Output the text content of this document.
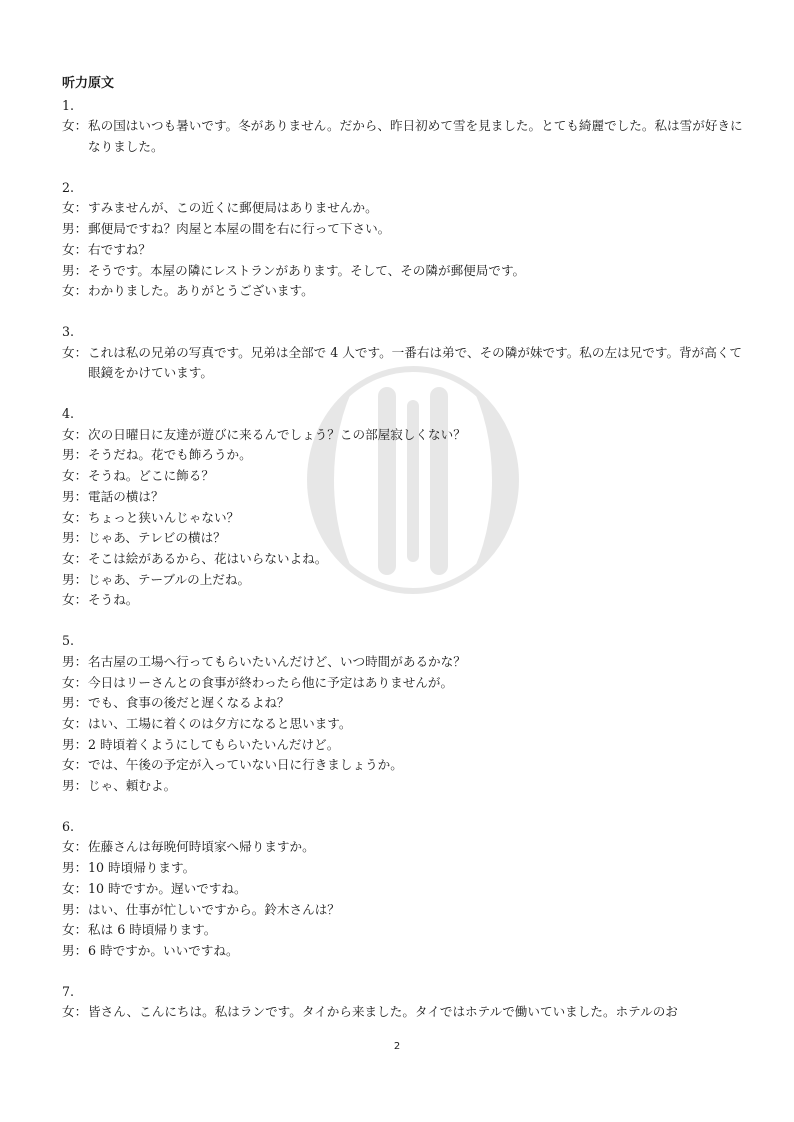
听力原文
1.
女： 私の国はいつも暑いです。冬がありません。だから、昨日初めて雪を見ました。とても綺麗でした。私は雪が好きになりました。
2.
女： すみませんが、この近くに郵便局はありませんか。
男： 郵便局ですね？肉屋と本屋の間を右に行って下さい。
女： 右ですね？
男： そうです。本屋の隣にレストランがあります。そして、その隣が郵便局です。
女： わかりました。ありがとうございます。
3.
女： これは私の兄弟の写真です。兄弟は全部で 4 人です。一番右は弟で、その隣が妹です。私の左は兄です。背が高くて眼鏡をかけています。
4.
女： 次の日曜日に友達が遊びに来るんでしょう？この部屋寂しくない？
男： そうだね。花でも飾ろうか。
女： そうね。どこに飾る？
男： 電話の横は？
女： ちょっと狭いんじゃない？
男： じゃあ、テレビの横は？
女： そこは絵があるから、花はいらないよね。
男： じゃあ、テーブルの上だね。
女： そうね。
5.
男： 名古屋の工場へ行ってもらいたいんだけど、いつ時間があるかな？
女： 今日はリーさんとの食事が終わったら他に予定はありませんが。
男： でも、食事の後だと遅くなるよね？
女： はい、工場に着くのは夕方になると思います。
男： 2 時頃着くようにしてもらいたいんだけど。
女： では、午後の予定が入っていない日に行きましょうか。
男： じゃ、頼むよ。
6.
女： 佐藤さんは毎晩何時頃家へ帰りますか。
男： 10 時頃帰ります。
女： 10 時ですか。遅いですね。
男： はい、仕事が忙しいですから。鈴木さんは？
女： 私は 6 時頃帰ります。
男： 6 時ですか。いいですね。
7.
女： 皆さん、こんにちは。私はランです。タイから来ました。タイではホテルで働いていました。ホテルのお
2
